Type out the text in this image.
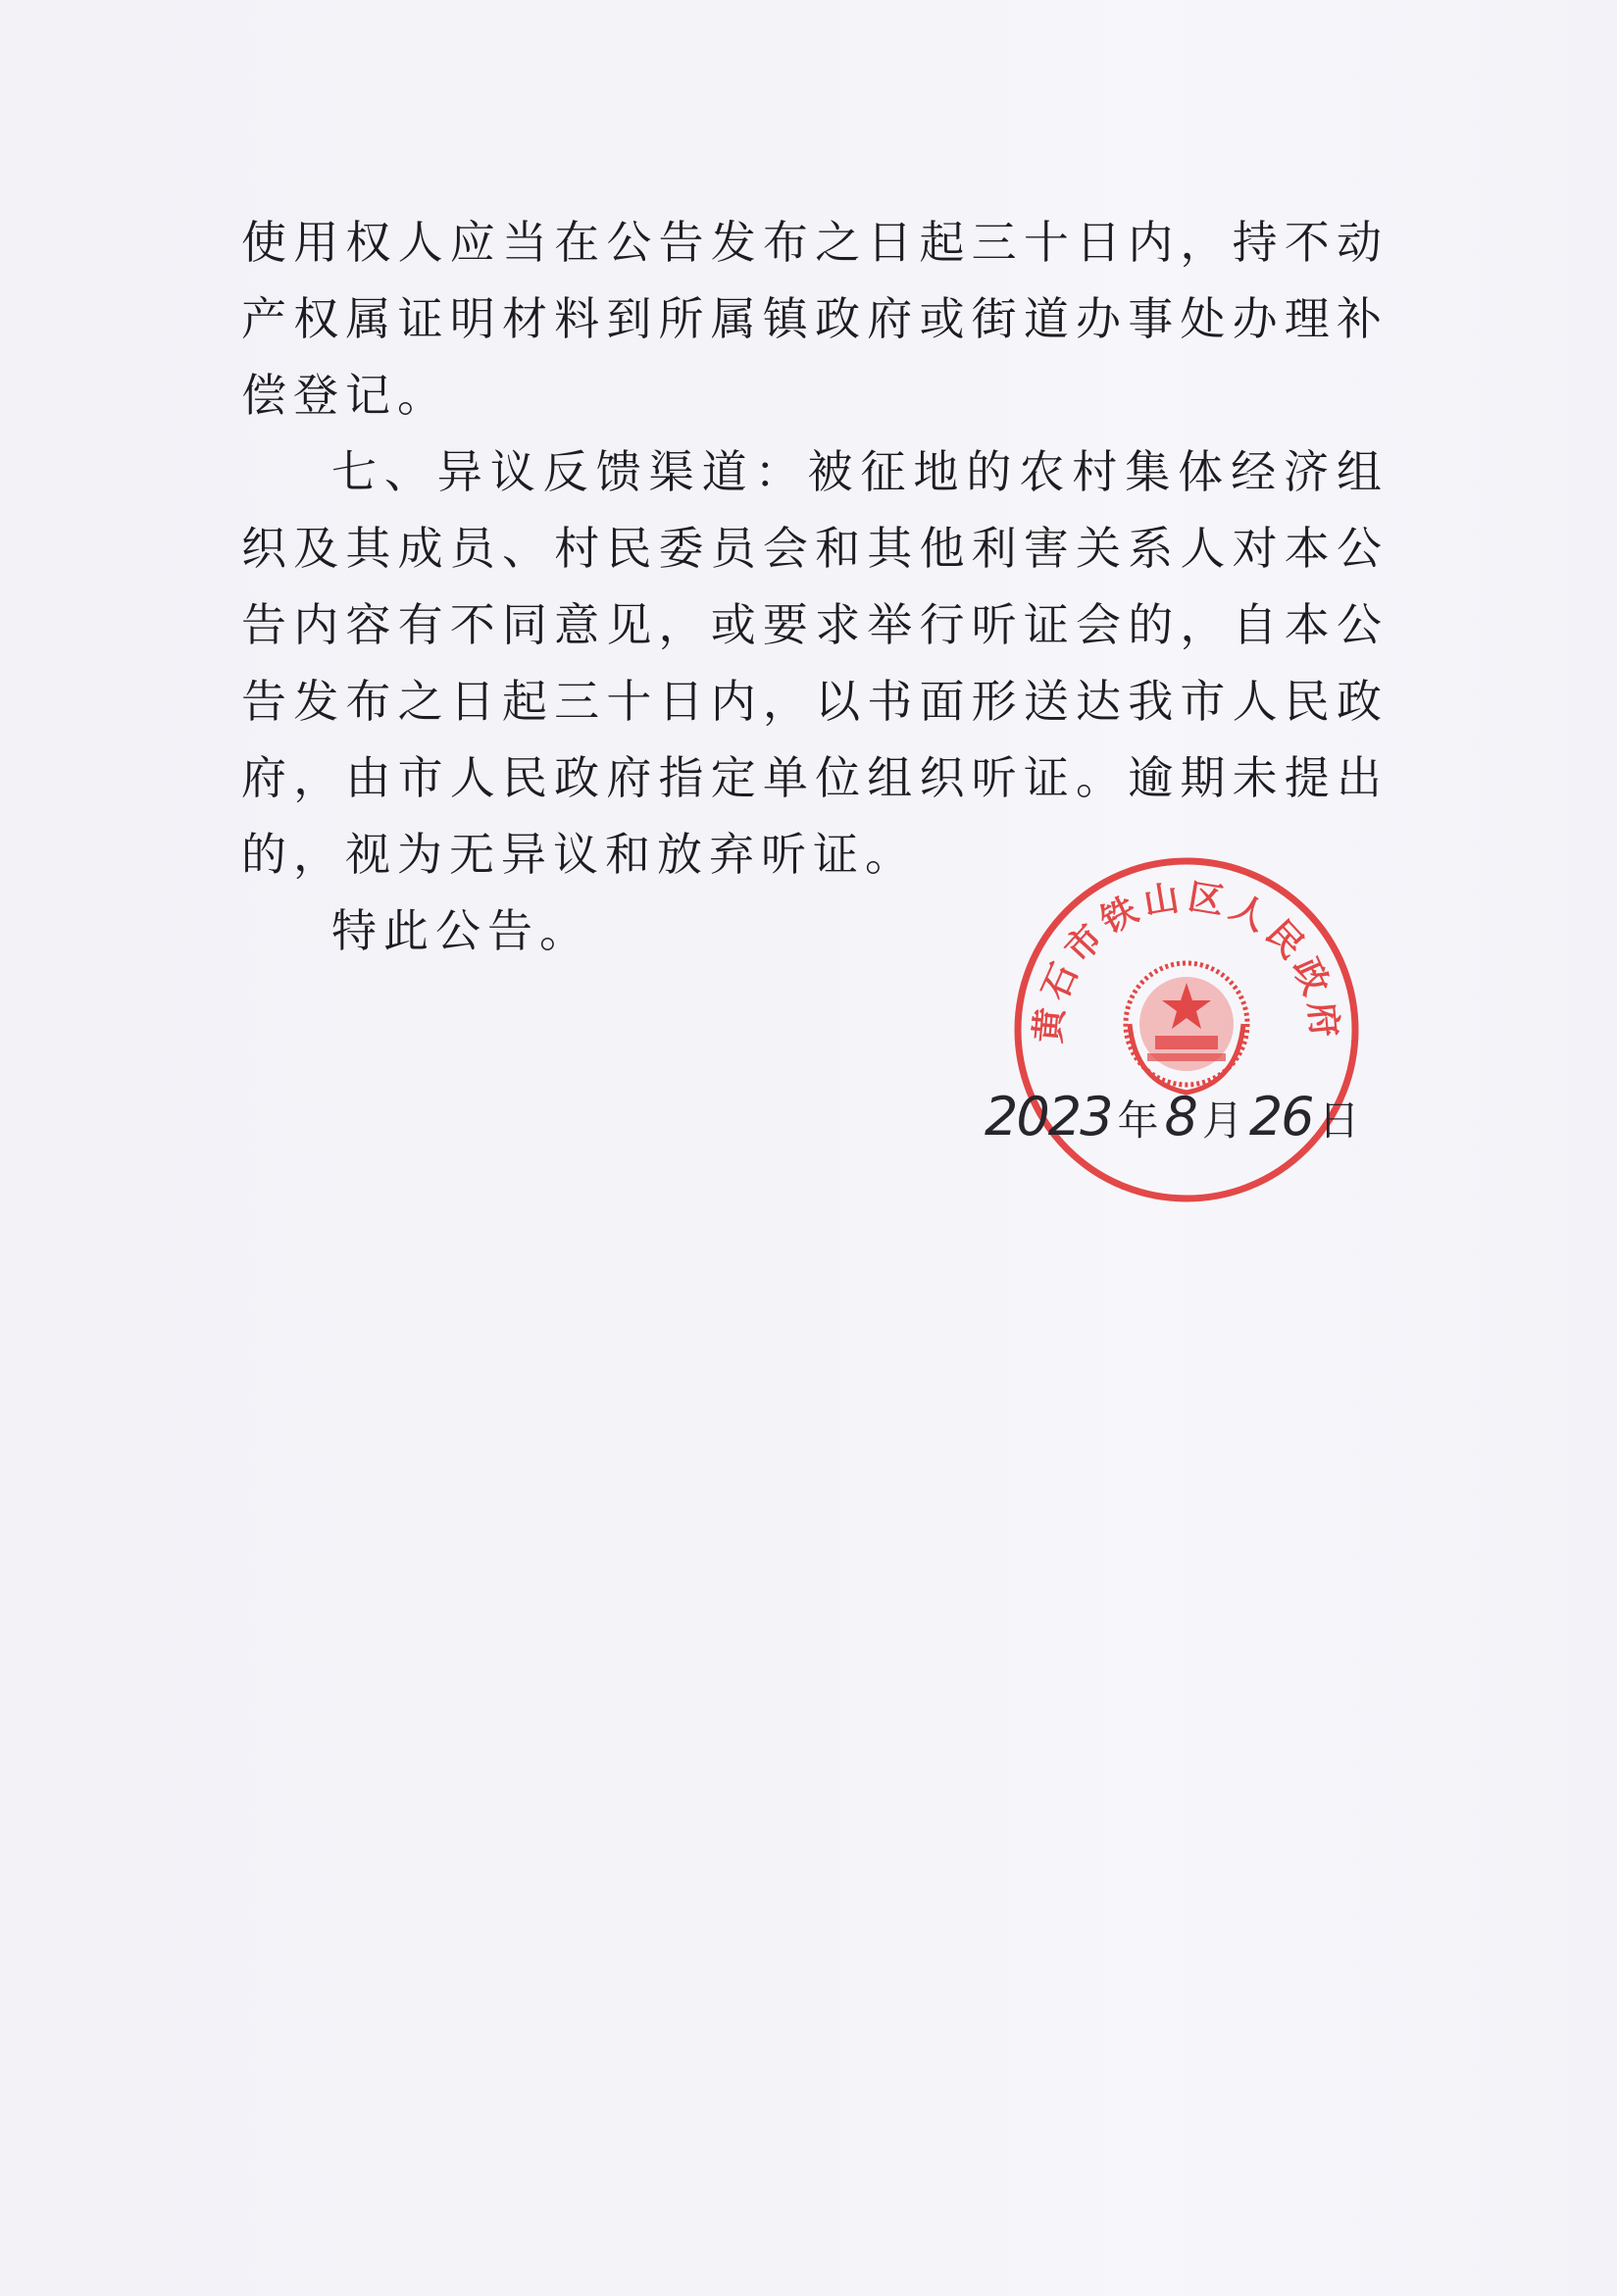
使用权人应当在公告发布之日起三十日内，持不动产权属证明材料到所属镇政府或街道办事处办理补偿登记。

七、异议反馈渠道：被征地的农村集体经济组织及其成员、村民委员会和其他利害关系人对本公告内容有不同意见，或要求举行听证会的，自本公告发布之日起三十日内，以书面形送达我市人民政府，由市人民政府指定单位组织听证。逾期未提出的，视为无异议和放弃听证。

特此公告。

黄石市铁山区人民政府
2023 年 8 月 26 日
